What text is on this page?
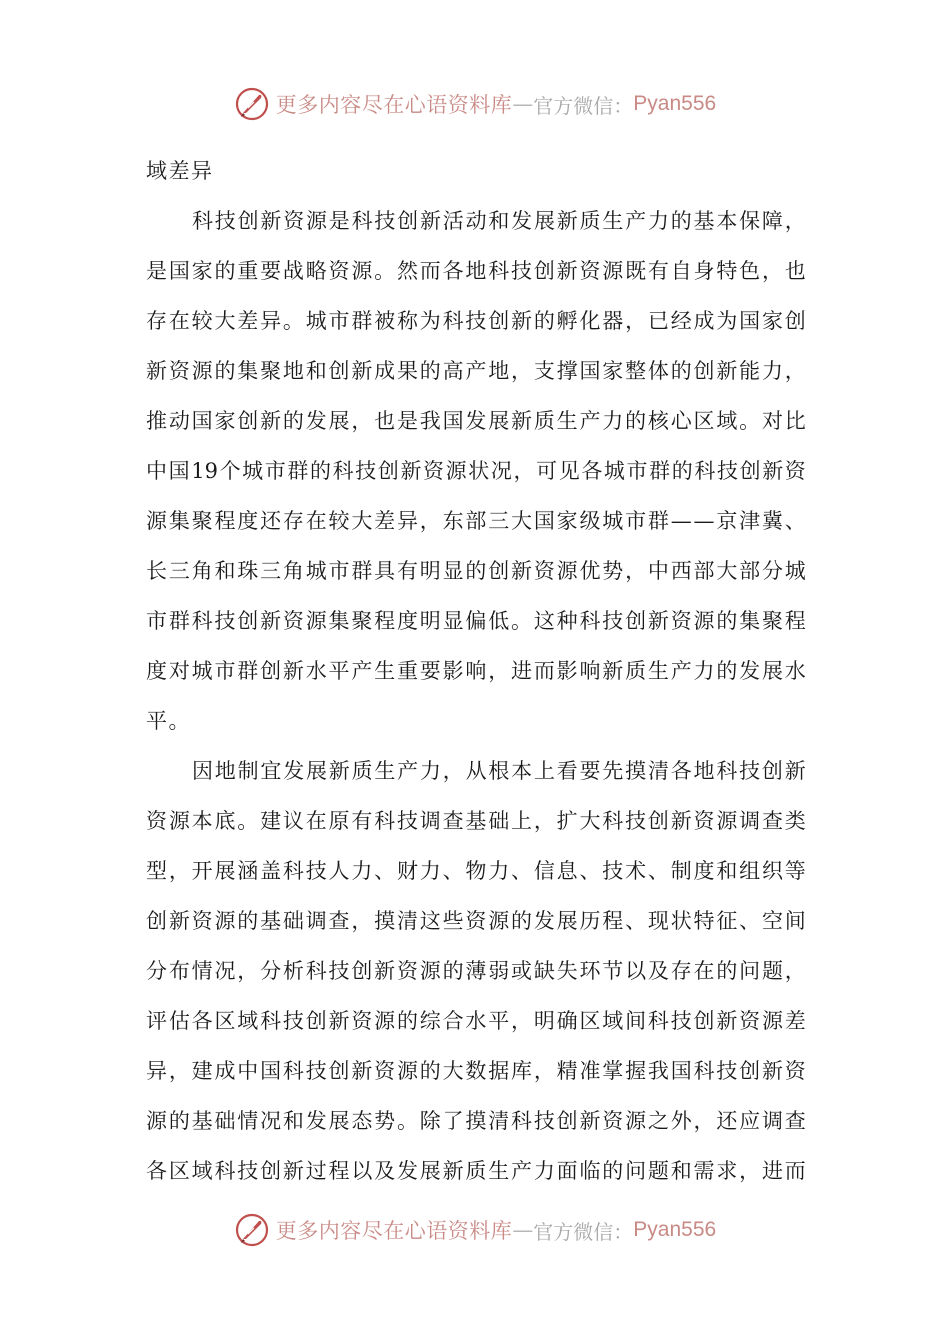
更多内容尽在心语资料库 — 官方微信： Pyan556
域差异
科 技 创 新 资 源 是 科 技 创 新 活 动 和 发 展 新 质 生 产 力 的 基 本 保 障 ，
是 国 家 的 重 要 战 略 资 源 。 然 而 各 地 科 技 创 新 资 源 既 有 自 身 特 色 ， 也
存 在 较 大 差 异 。 城 市 群 被 称 为 科 技 创 新 的 孵 化 器 ， 已 经 成 为 国 家 创
新 资 源 的 集 聚 地 和 创 新 成 果 的 高 产 地 ， 支 撑 国 家 整 体 的 创 新 能 力 ，
推 动 国 家 创 新 的 发 展 ， 也 是 我 国 发 展 新 质 生 产 力 的 核 心 区 域 。 对 比
中 国 19 个 城 市 群 的 科 技 创 新 资 源 状 况 ， 可 见 各 城 市 群 的 科 技 创 新 资
源 集 聚 程 度 还 存 在 较 大 差 异 ， 东 部 三 大 国 家 级 城 市 群 — — 京 津 冀 、
长 三 角 和 珠 三 角 城 市 群 具 有 明 显 的 创 新 资 源 优 势 ， 中 西 部 大 部 分 城
市 群 科 技 创 新 资 源 集 聚 程 度 明 显 偏 低 。 这 种 科 技 创 新 资 源 的 集 聚 程
度 对 城 市 群 创 新 水 平 产 生 重 要 影 响 ， 进 而 影 响 新 质 生 产 力 的 发 展 水
平。
因 地 制 宜 发 展 新 质 生 产 力 ， 从 根 本 上 看 要 先 摸 清 各 地 科 技 创 新
资 源 本 底 。 建 议 在 原 有 科 技 调 查 基 础 上 ， 扩 大 科 技 创 新 资 源 调 查 类
型 ， 开 展 涵 盖 科 技 人 力 、 财 力 、 物 力 、 信 息 、 技 术 、 制 度 和 组 织 等
创 新 资 源 的 基 础 调 查 ， 摸 清 这 些 资 源 的 发 展 历 程 、 现 状 特 征 、 空 间
分 布 情 况 ， 分 析 科 技 创 新 资 源 的 薄 弱 或 缺 失 环 节 以 及 存 在 的 问 题 ，
评 估 各 区 域 科 技 创 新 资 源 的 综 合 水 平 ， 明 确 区 域 间 科 技 创 新 资 源 差
异 ， 建 成 中 国 科 技 创 新 资 源 的 大 数 据 库 ， 精 准 掌 握 我 国 科 技 创 新 资
源 的 基 础 情 况 和 发 展 态 势 。 除 了 摸 清 科 技 创 新 资 源 之 外 ， 还 应 调 查
各 区 域 科 技 创 新 过 程 以 及 发 展 新 质 生 产 力 面 临 的 问 题 和 需 求 ， 进 而
更多内容尽在心语资料库 — 官方微信： Pyan556
